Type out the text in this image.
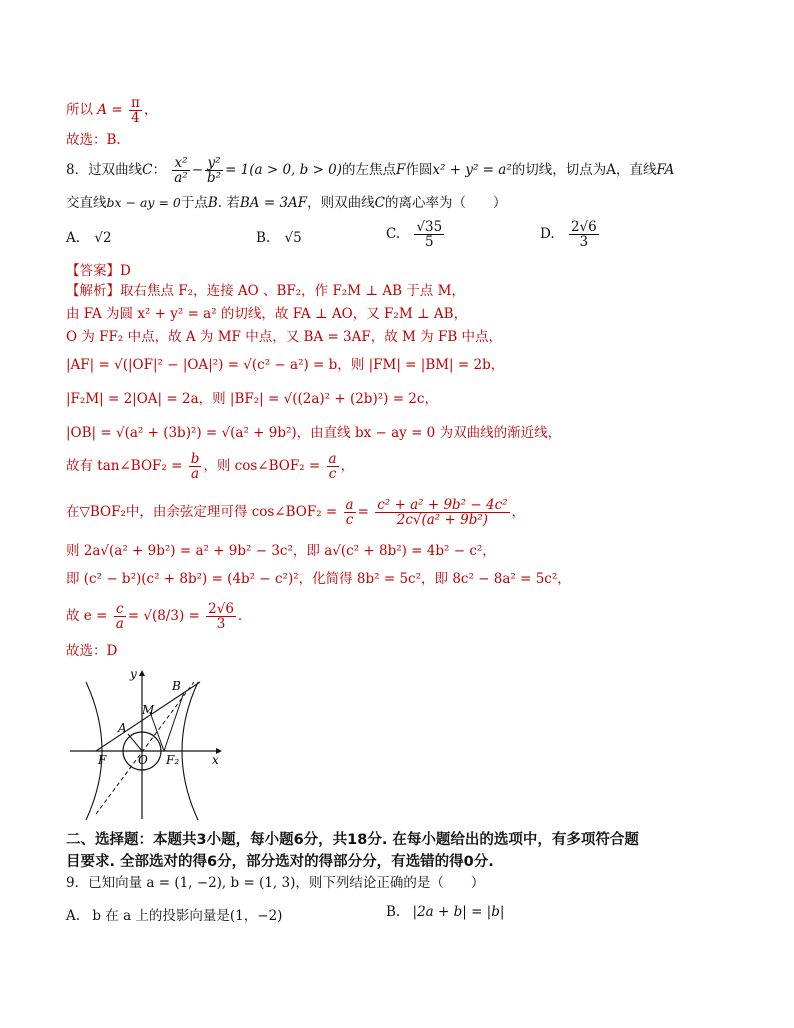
所以 $A = \frac{\pi}{4}$ ，
故选：B.
8．过双曲线C： $\frac{\text{x²}}{\text{a²}} - \frac{\text{y²}}{\text{b²}} = 1(a > 0$, b > 0)的左焦点F作圆x² + y² = a²的切线，切点为A，直线FA
交直线bx − ay = 0于点B. 若BA = 3AF，则双曲线C的离心率为（　　）
A. √2	B. √5	C. $\frac{√35}{5}$	D. $\frac{2√6}{3}$
【答案】D
【解析】取右焦点 F₂，连接 AO 、BF₂，作 F₂M ⊥ AB 于点 M，
由 FA 为圆 x² + y² = a² 的切线，故 FA ⊥ AO，又 F₂M ⊥ AB，
O 为 FF₂ 中点，故 A 为 MF 中点，又 BA = 3AF，故 M 为 FB 中点，
|AF| = √(|OF|² − |OA|²) = √(c² − a²) = b，则 |FM| = |BM| = 2b，
|F₂M| = 2|OA| = 2a，则 |BF₂| = √((2a)² + (2b)²) = 2c，
|OB| = √(a² + (3b)²) = √(a² + 9b²)，由直线 bx − ay = 0 为双曲线的渐近线，
故有 tan∠BOF₂ = $\frac{b}{a}$ ，则 cos∠BOF₂ = $\frac{a}{c}$ ，
在▽BOF₂中，由余弦定理可得 cos∠BOF₂ = $\frac{a}{c} = \frac{\text{c² + a² + 9b² − 4c²}}{\text{2c√(a² + 9b²)}}$ ，
则 2a√(a² + 9b²) = a² + 9b² − 3c²，即 a√(c² + 8b²) = 4b² − c²，
即 (c² − b²)(c² + 8b²) = (4b² − c²)²，化简得 8b² = 5c²，即 8c² − 8a² = 5c²，
故 $e = \frac{c}{a} = √(8/3) = \frac{2√6}{3}$ .
故选：D
y
x
B
M
A
F	O F₂
二、选择题：本题共3小题，每小题6分，共18分. 在每小题给出的选项中，有多项符合题
目要求. 全部选对的得6分，部分选对的得部分分，有选错的得0分.
9．已知向量 a = (1, −2), b = (1, 3)，则下列结论正确的是（　　）
A. b 在 a 上的投影向量是(1，−2)	B. |2a + b| = |b|
